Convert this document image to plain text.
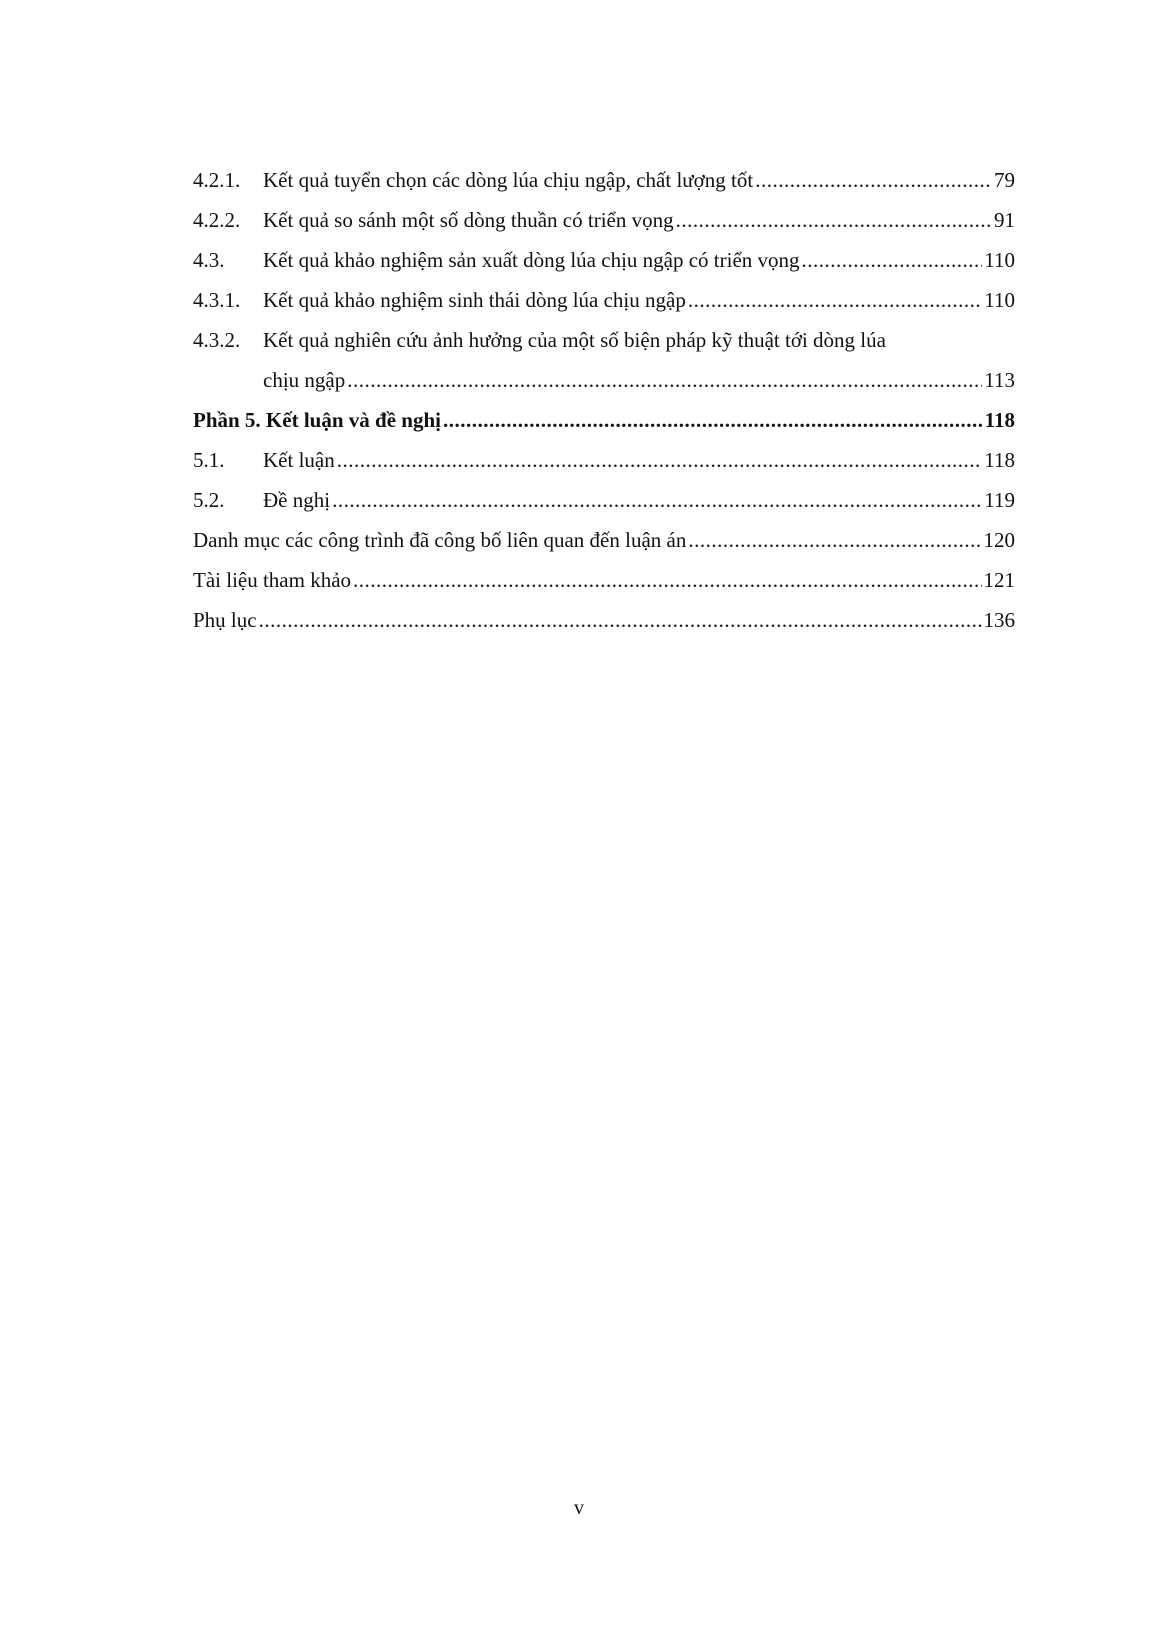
4.2.1.	Kết quả tuyển chọn các dòng lúa chịu ngập, chất lượng tốt .....	79
4.2.2.	Kết quả so sánh một số dòng thuần có triển vọng .....	91
4.3.	Kết quả khảo nghiệm sản xuất dòng lúa chịu ngập có triển vọng .....	110
4.3.1.	Kết quả khảo nghiệm sinh thái dòng lúa chịu ngập .....	110
4.3.2.	Kết quả nghiên cứu ảnh hưởng của một số biện pháp kỹ thuật tới dòng lúa
chịu ngập .....	113
Phần 5. Kết luận và đề nghị .....	118
5.1.	Kết luận .....	118
5.2.	Đề nghị .....	119
Danh mục các công trình đã công bố liên quan đến luận án .....	120
Tài liệu tham khảo .....	121
Phụ lục .....	136
v
